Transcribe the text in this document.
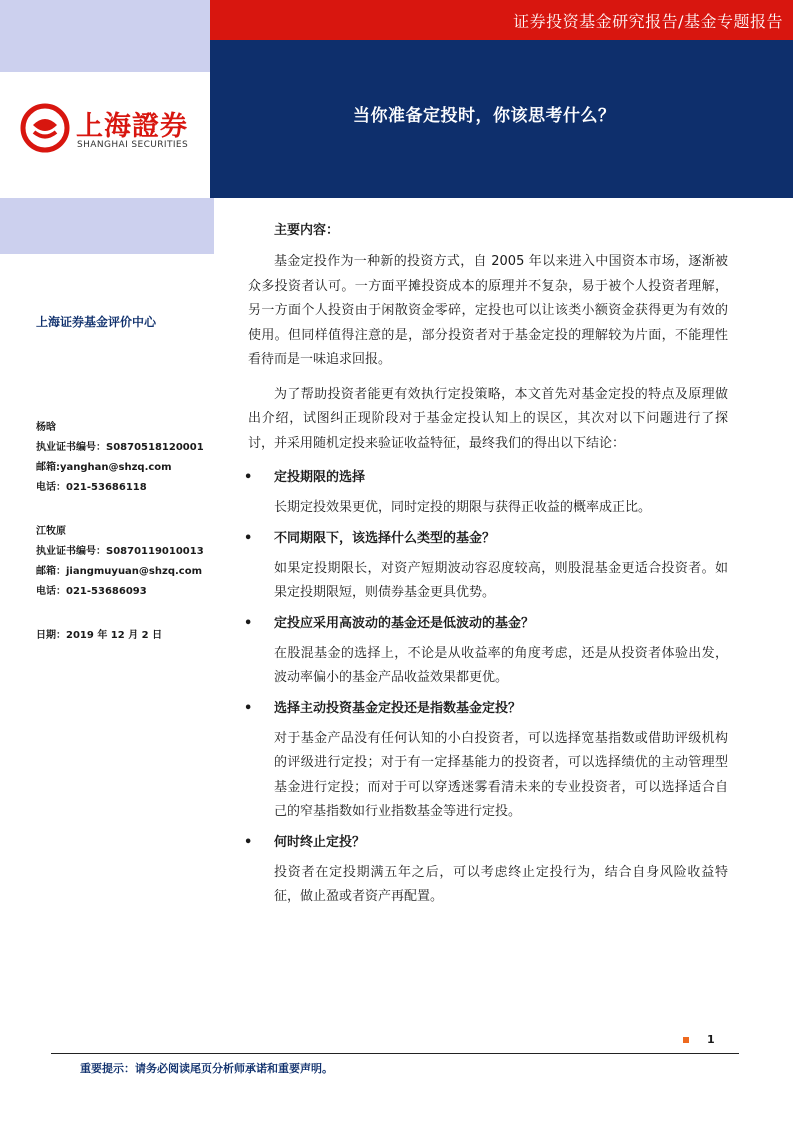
证券投资基金研究报告/基金专题报告
当你准备定投时，你该思考什么？
上海證券
SHANGHAI SECURITIES
上海证券基金评价中心
杨晗
执业证书编号：S0870518120001
邮箱:yanghan@shzq.com
电话：021-53686118
江牧原
执业证书编号：S0870119010013
邮箱：jiangmuyuan@shzq.com
电话：021-53686093
日期：2019 年 12 月 2 日
主要内容：

基金定投作为一种新的投资方式，自 2005 年以来进入中国资本市场，逐渐被众多投资者认可。一方面平摊投资成本的原理并不复杂，易于被个人投资者理解，另一方面个人投资由于闲散资金零碎，定投也可以让该类小额资金获得更为有效的使用。但同样值得注意的是，部分投资者对于基金定投的理解较为片面，不能理性看待而是一味追求回报。

为了帮助投资者能更有效执行定投策略，本文首先对基金定投的特点及原理做出介绍，试图纠正现阶段对于基金定投认知上的误区，其次对以下问题进行了探讨，并采用随机定投来验证收益特征，最终我们的得出以下结论：

• 定投期限的选择
长期定投效果更优，同时定投的期限与获得正收益的概率成正比。
• 不同期限下，该选择什么类型的基金？
如果定投期限长，对资产短期波动容忍度较高，则股混基金更适合投资者。如果定投期限短，则债券基金更具优势。
• 定投应采用高波动的基金还是低波动的基金？
在股混基金的选择上，不论是从收益率的角度考虑，还是从投资者体验出发，波动率偏小的基金产品收益效果都更优。
• 选择主动投资基金定投还是指数基金定投？
对于基金产品没有任何认知的小白投资者，可以选择宽基指数或借助评级机构的评级进行定投；对于有一定择基能力的投资者，可以选择绩优的主动管理型基金进行定投；而对于可以穿透迷雾看清未来的专业投资者，可以选择适合自己的窄基指数如行业指数基金等进行定投。
• 何时终止定投？
投资者在定投期满五年之后，可以考虑终止定投行为，结合自身风险收益特征，做止盈或者资产再配置。
1
重要提示：请务必阅读尾页分析师承诺和重要声明。
